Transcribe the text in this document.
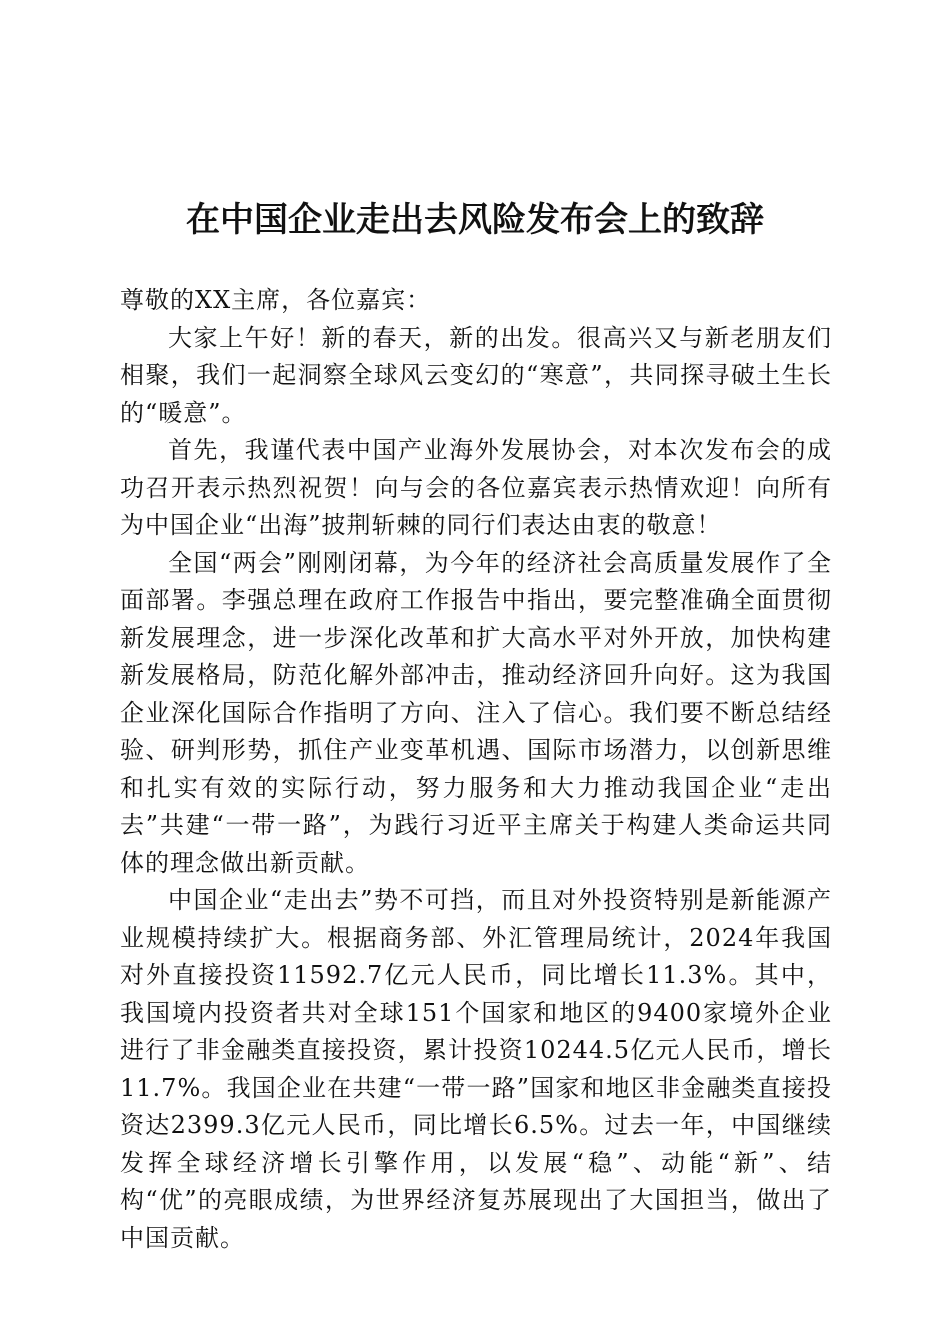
在中国企业走出去风险发布会上的致辞

尊敬的XX主席，各位嘉宾：

大家上午好！新的春天，新的出发。很高兴又与新老朋友们相聚，我们一起洞察全球风云变幻的“寒意”，共同探寻破土生长的“暖意”。

首先，我谨代表中国产业海外发展协会，对本次发布会的成功召开表示热烈祝贺！向与会的各位嘉宾表示热情欢迎！向所有为中国企业“出海”披荆斩棘的同行们表达由衷的敬意！

全国“两会”刚刚闭幕，为今年的经济社会高质量发展作了全面部署。李强总理在政府工作报告中指出，要完整准确全面贯彻新发展理念，进一步深化改革和扩大高水平对外开放，加快构建新发展格局，防范化解外部冲击，推动经济回升向好。这为我国企业深化国际合作指明了方向、注入了信心。我们要不断总结经验、研判形势，抓住产业变革机遇、国际市场潜力，以创新思维和扎实有效的实际行动，努力服务和大力推动我国企业“走出去”共建“一带一路”，为践行习近平主席关于构建人类命运共同体的理念做出新贡献。

中国企业“走出去”势不可挡，而且对外投资特别是新能源产业规模持续扩大。根据商务部、外汇管理局统计，2024年我国对外直接投资11592.7亿元人民币，同比增长11.3%。其中，我国境内投资者共对全球151个国家和地区的9400家境外企业进行了非金融类直接投资，累计投资10244.5亿元人民币，增长11.7%。我国企业在共建“一带一路”国家和地区非金融类直接投资达2399.3亿元人民币，同比增长6.5%。过去一年，中国继续发挥全球经济增长引擎作用，以发展“稳”、动能“新”、结构“优”的亮眼成绩，为世界经济复苏展现出了大国担当，做出了中国贡献。
